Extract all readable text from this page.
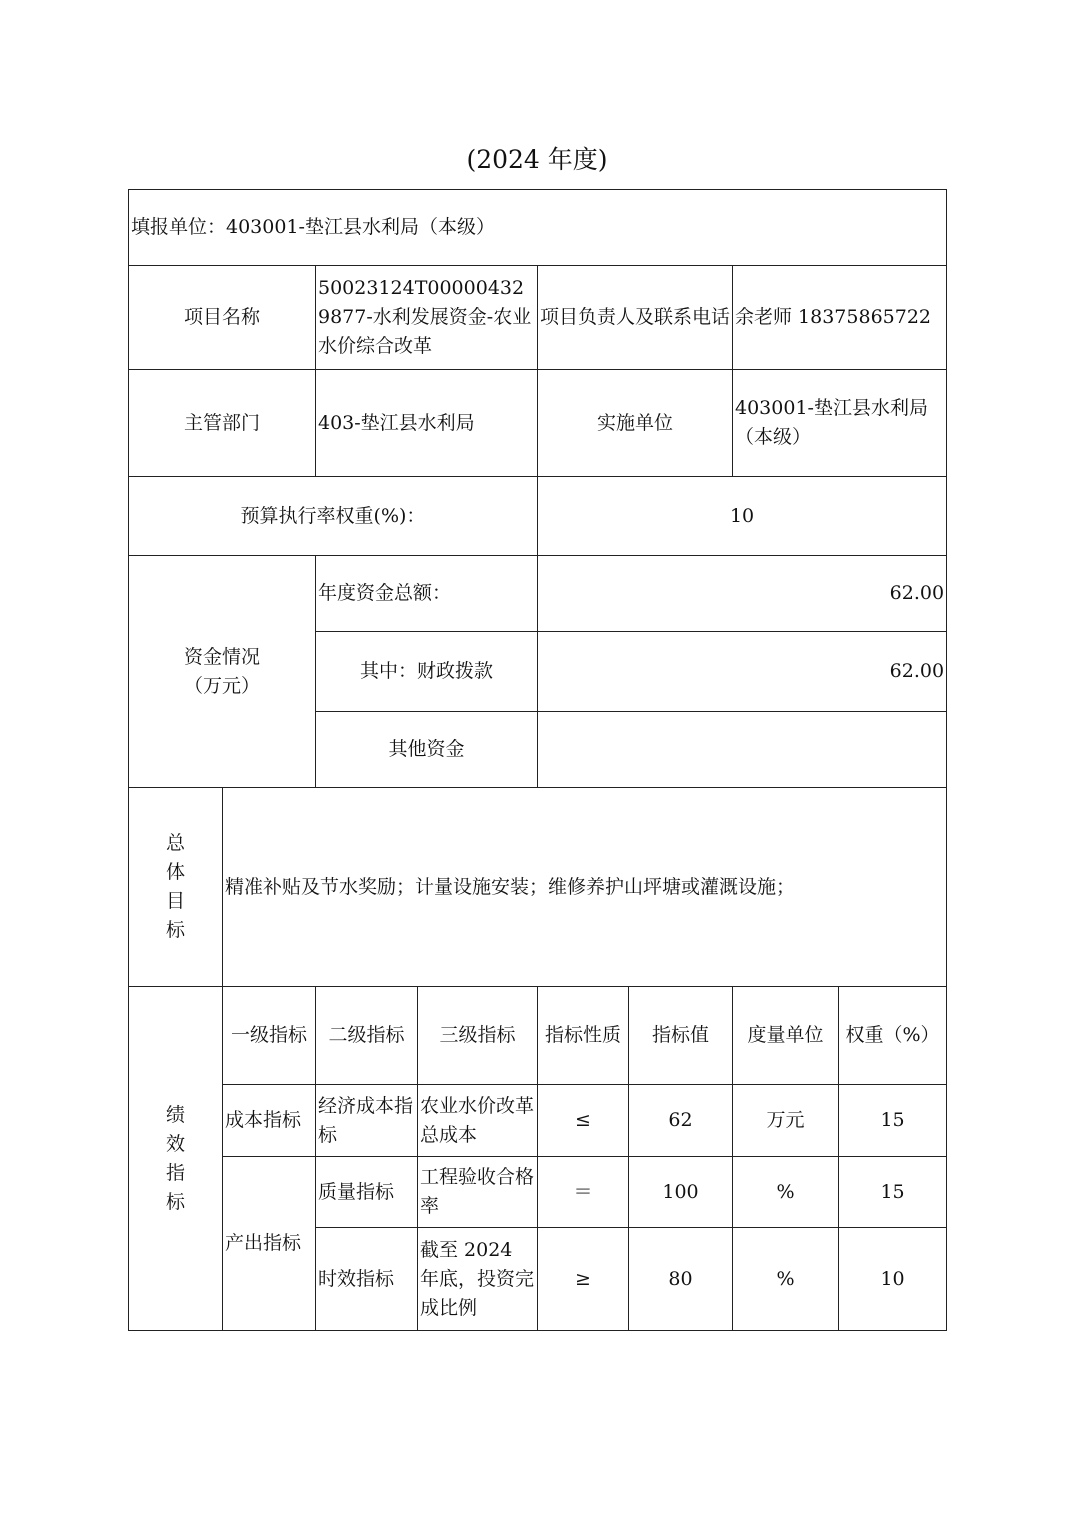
(2024 年度)
填报单位：403001-垫江县水利局（本级）							
项目名称		50023124T000004329877-水利发展资金-农业水价综合改革		项目负责人及联系电话		余老师 18375865722	
主管部门		403-垫江县水利局		实施单位		403001-垫江县水利局（本级）	
预算执行率权重(%)：				10			

资金情况（万元）		年度资金总额：		62.00			
		其中：财政拨款		62.00			
		其他资金					

总体目标	精准补贴及节水奖励；计量设施安装；维修养护山坪塘或灌溉设施；						

绩效指标	一级指标	二级指标	三级指标	指标性质	指标值	度量单位	权重（%）
	成本指标	经济成本指标	农业水价改革总成本	≤	62	万元	15
	产出指标	质量指标	工程验收合格率	＝	100	%	15
		时效指标	截至 2024 年底，投资完成比例	≥	80	%	10
